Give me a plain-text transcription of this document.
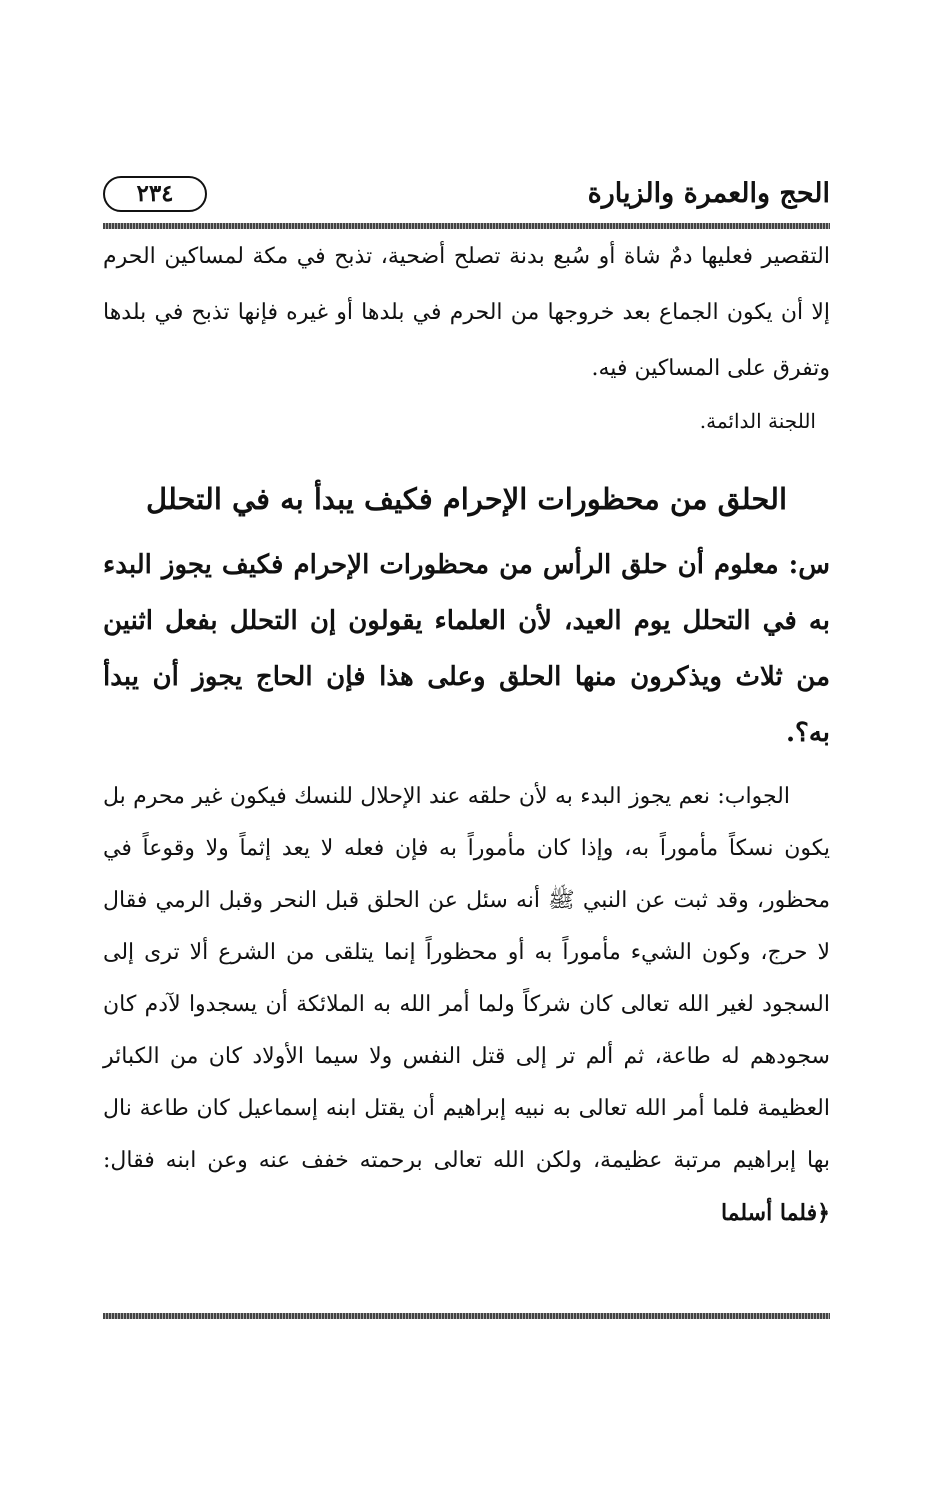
الحج والعمرة والزيارة
٢٣٤

التقصير فعليها دمٌ شاة أو سُبع بدنة تصلح أضحية، تذبح في مكة لمساكين الحرم إلا أن يكون الجماع بعد خروجها من الحرم في بلدها أو غيره فإنها تذبح في بلدها وتفرق على المساكين فيه.

اللجنة الدائمة.

الحلق من محظورات الإحرام فكيف يبدأ به في التحلل

س: معلوم أن حلق الرأس من محظورات الإحرام فكيف يجوز البدء به في التحلل يوم العيد، لأن العلماء يقولون إن التحلل بفعل اثنين من ثلاث ويذكرون منها الحلق وعلى هذا فإن الحاج يجوز أن يبدأ به؟.

الجواب: نعم يجوز البدء به لأن حلقه عند الإحلال للنسك فيكون غير محرم بل يكون نسكاً مأموراً به، وإذا كان مأموراً به فإن فعله لا يعد إثماً ولا وقوعاً في محظور، وقد ثبت عن النبي ﷺ أنه سئل عن الحلق قبل النحر وقبل الرمي فقال لا حرج، وكون الشيء مأموراً به أو محظوراً إنما يتلقى من الشرع ألا ترى إلى السجود لغير الله تعالى كان شركاً ولما أمر الله به الملائكة أن يسجدوا لآدم كان سجودهم له طاعة، ثم ألم تر إلى قتل النفس ولا سيما الأولاد كان من الكبائر العظيمة فلما أمر الله تعالى به نبيه إبراهيم أن يقتل ابنه إسماعيل كان طاعة نال بها إبراهيم مرتبة عظيمة، ولكن الله تعالى برحمته خفف عنه وعن ابنه فقال: ﴿فلما أسلما
